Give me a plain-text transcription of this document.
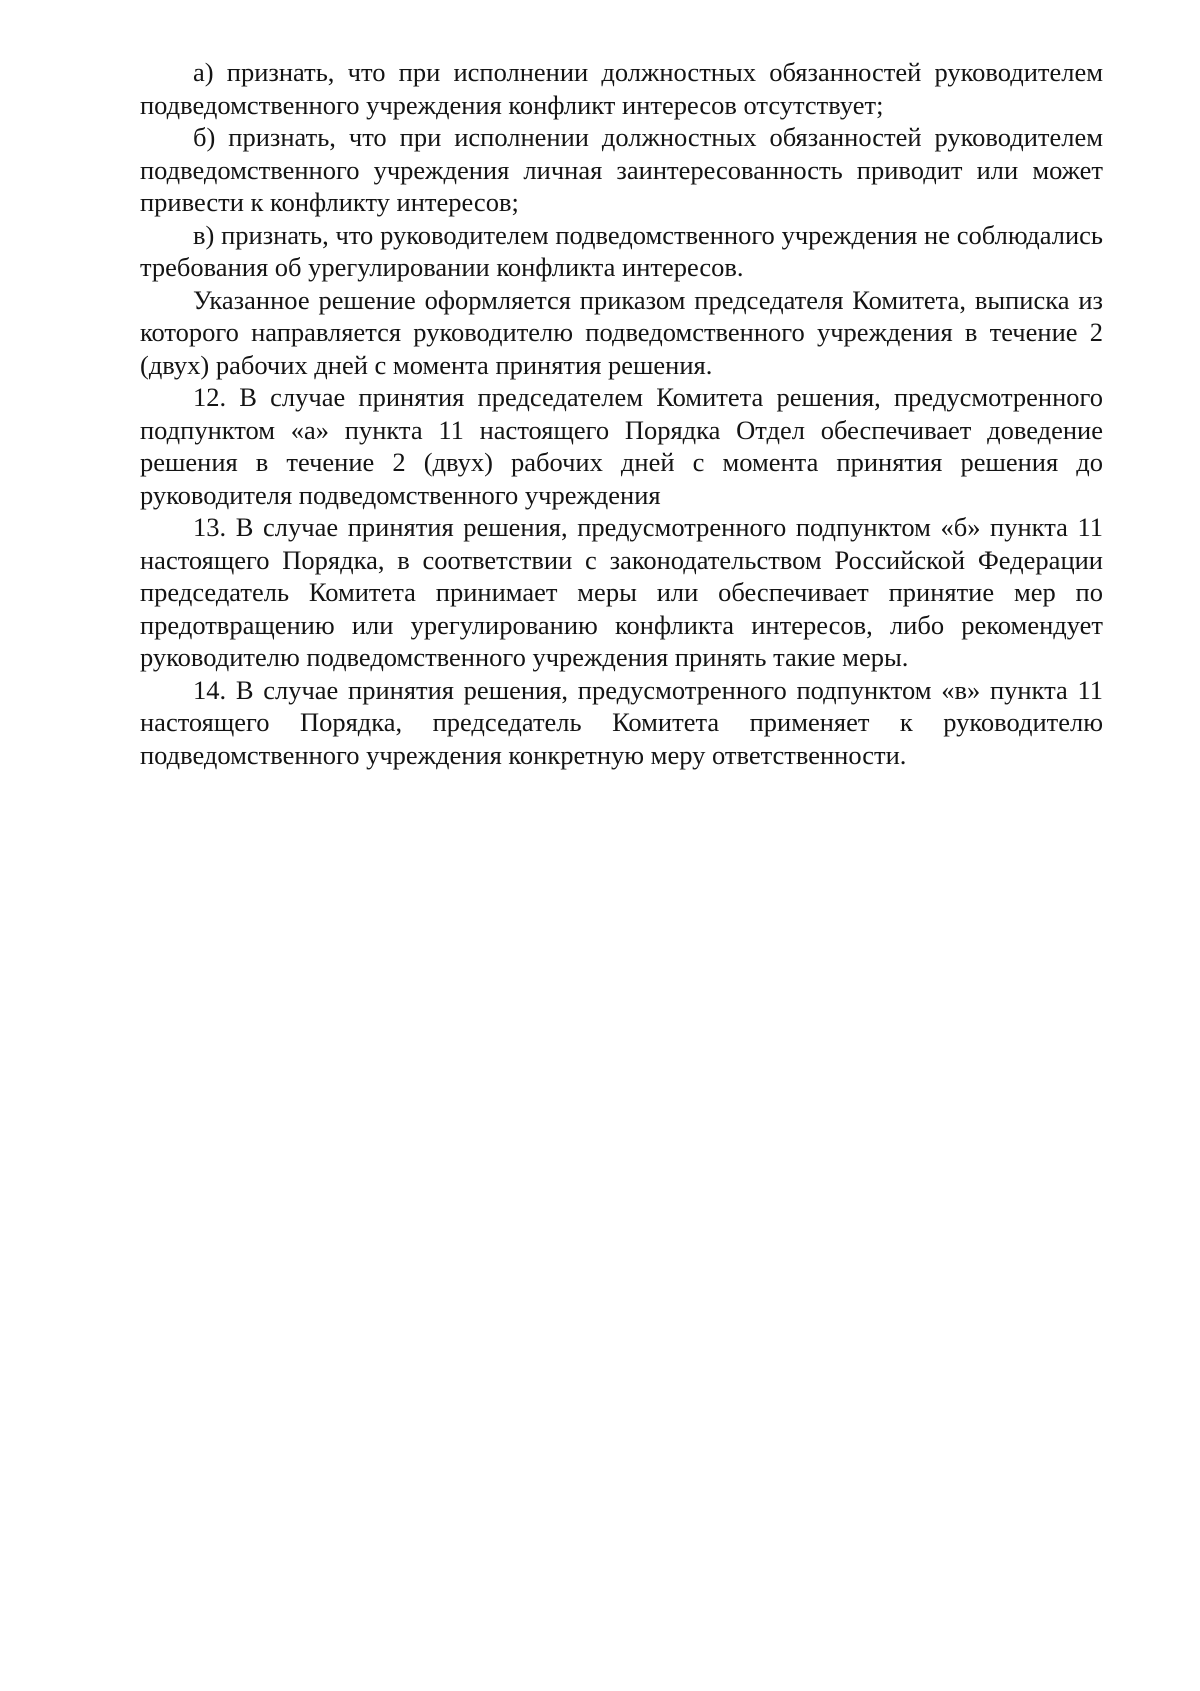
а) признать, что при исполнении должностных обязанностей руководителем подведомственного учреждения конфликт интересов отсутствует;

б) признать, что при исполнении должностных обязанностей руководителем подведомственного учреждения личная заинтересованность приводит или может привести к конфликту интересов;

в) признать, что руководителем подведомственного учреждения не соблюдались требования об урегулировании конфликта интересов.

Указанное решение оформляется приказом председателя Комитета, выписка из которого направляется руководителю подведомственного учреждения в течение 2 (двух) рабочих дней с момента принятия решения.

12. В случае принятия председателем Комитета решения, предусмотренного подпунктом «а» пункта 11 настоящего Порядка Отдел обеспечивает доведение решения в течение 2 (двух) рабочих дней с момента принятия решения до руководителя подведомственного учреждения

13. В случае принятия решения, предусмотренного подпунктом «б» пункта 11 настоящего Порядка, в соответствии с законодательством Российской Федерации председатель Комитета принимает меры или обеспечивает принятие мер по предотвращению или урегулированию конфликта интересов, либо рекомендует руководителю подведомственного учреждения принять такие меры.

14. В случае принятия решения, предусмотренного подпунктом «в» пункта 11 настоящего Порядка, председатель Комитета применяет к руководителю подведомственного учреждения конкретную меру ответственности.
